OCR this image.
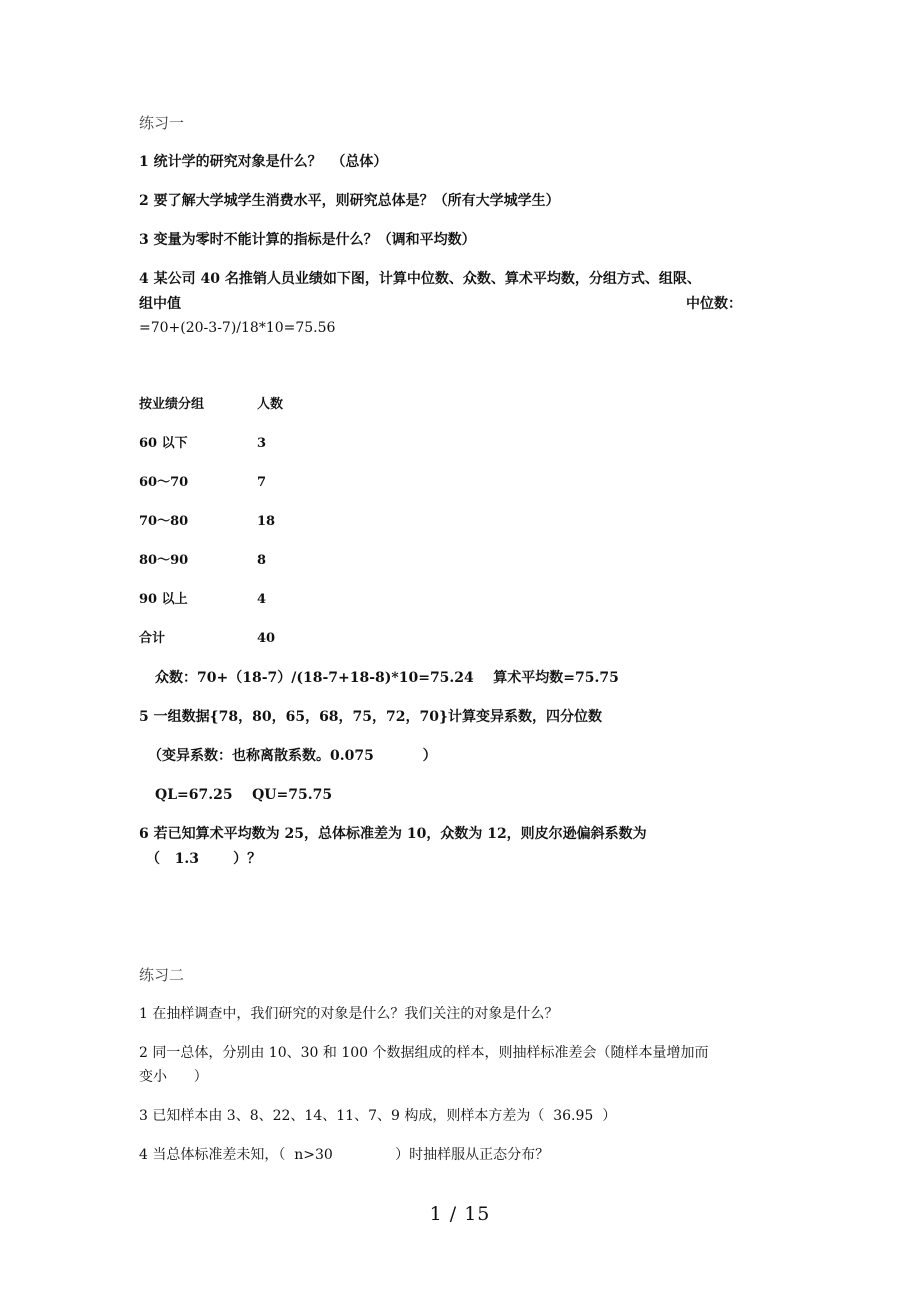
练习一
1 统计学的研究对象是什么？  （总体）
2 要了解大学城学生消费水平，则研究总体是？（所有大学城学生）
3 变量为零时不能计算的指标是什么？（调和平均数）
4 某公司 40 名推销人员业绩如下图，计算中位数、众数、算术平均数，分组方式、组限、
组中值	中位数：
=70+(20-3-7)/18*10=75.56
按业绩分组	人数
60 以下	3
60～70	7
70～80	18
80～90	8
90 以上	4
合计	40
众数：70+（18-7）/(18-7+18-8)*10=75.24    算术平均数=75.75
5 一组数据{78，80，65，68，75，72，70}计算变异系数，四分位数
（变异系数：也称离散系数。0.075          ）
QL=67.25    QU=75.75
6 若已知算术平均数为 25，总体标准差为 10，众数为 12，则皮尔逊偏斜系数为
（   1.3       ）？
练习二
1 在抽样调查中，我们研究的对象是什么？我们关注的对象是什么？
2 同一总体，分别由 10、30 和 100 个数据组成的样本，则抽样标准差会（随样本量增加而
变小      ）
3 已知样本由 3、8、22、14、11、7、9 构成，则样本方差为（  36.95  ）
4 当总体标准差未知，（  n>30              ）时抽样服从正态分布？
1 / 15
